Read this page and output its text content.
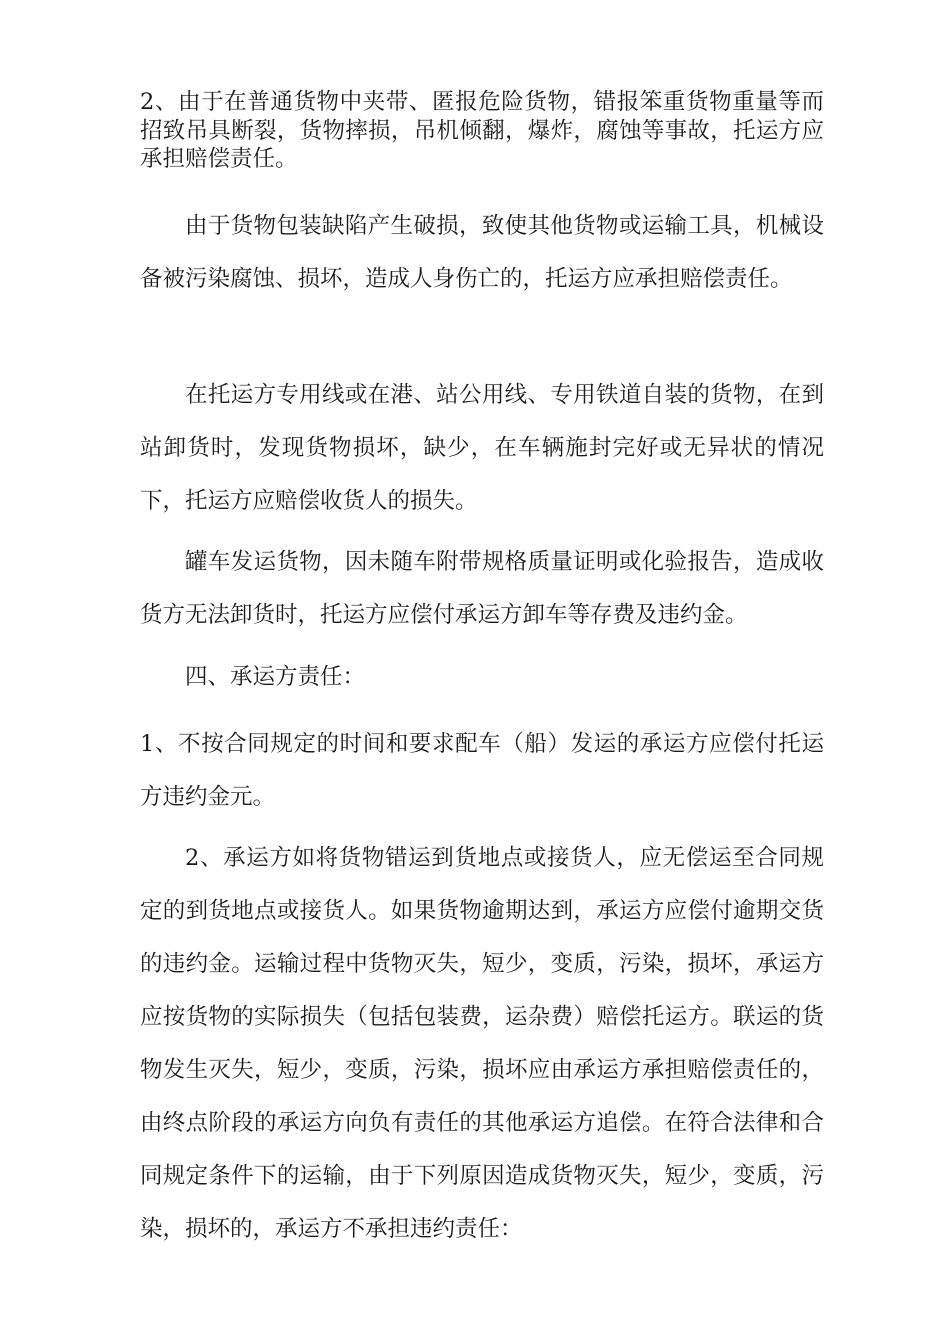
2、由于在普通货物中夹带、匿报危险货物，错报笨重货物重量等而招致吊具断裂，货物摔损，吊机倾翻，爆炸，腐蚀等事故，托运方应承担赔偿责任。

由于货物包装缺陷产生破损，致使其他货物或运输工具，机械设备被污染腐蚀、损坏，造成人身伤亡的，托运方应承担赔偿责任。

在托运方专用线或在港、站公用线、专用铁道自装的货物，在到站卸货时，发现货物损坏，缺少，在车辆施封完好或无异状的情况下，托运方应赔偿收货人的损失。

罐车发运货物，因未随车附带规格质量证明或化验报告，造成收货方无法卸货时，托运方应偿付承运方卸车等存费及违约金。

四、承运方责任：

1、不按合同规定的时间和要求配车（船）发运的承运方应偿付托运方违约金元。

2、承运方如将货物错运到货地点或接货人，应无偿运至合同规定的到货地点或接货人。如果货物逾期达到，承运方应偿付逾期交货的违约金。运输过程中货物灭失，短少，变质，污染，损坏，承运方应按货物的实际损失（包括包装费，运杂费）赔偿托运方。联运的货物发生灭失，短少，变质，污染，损坏应由承运方承担赔偿责任的，由终点阶段的承运方向负有责任的其他承运方追偿。在符合法律和合同规定条件下的运输，由于下列原因造成货物灭失，短少，变质，污染，损坏的，承运方不承担违约责任：
